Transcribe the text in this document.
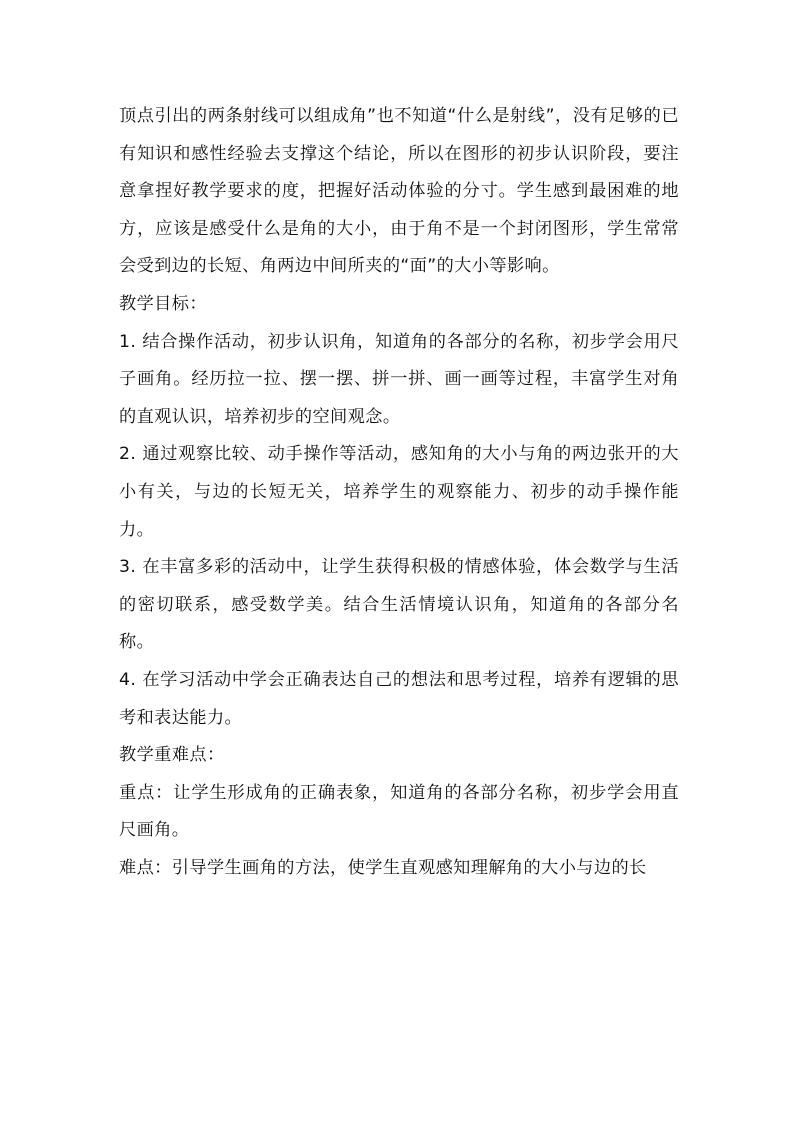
顶点引出的两条射线可以组成角”也不知道“什么是射线”，没有足够的已有知识和感性经验去支撑这个结论，所以在图形的初步认识阶段，要注意拿捏好教学要求的度，把握好活动体验的分寸。学生感到最困难的地方，应该是感受什么是角的大小，由于角不是一个封闭图形，学生常常会受到边的长短、角两边中间所夹的“面”的大小等影响。

教学目标：

1. 结合操作活动，初步认识角，知道角的各部分的名称，初步学会用尺子画角。经历拉一拉、摆一摆、拼一拼、画一画等过程，丰富学生对角的直观认识，培养初步的空间观念。

2. 通过观察比较、动手操作等活动，感知角的大小与角的两边张开的大小有关，与边的长短无关，培养学生的观察能力、初步的动手操作能力。

3. 在丰富多彩的活动中，让学生获得积极的情感体验，体会数学与生活的密切联系，感受数学美。结合生活情境认识角，知道角的各部分名称。

4. 在学习活动中学会正确表达自己的想法和思考过程，培养有逻辑的思考和表达能力。

教学重难点：

重点：让学生形成角的正确表象，知道角的各部分名称，初步学会用直尺画角。

难点：引导学生画角的方法，使学生直观感知理解角的大小与边的长
